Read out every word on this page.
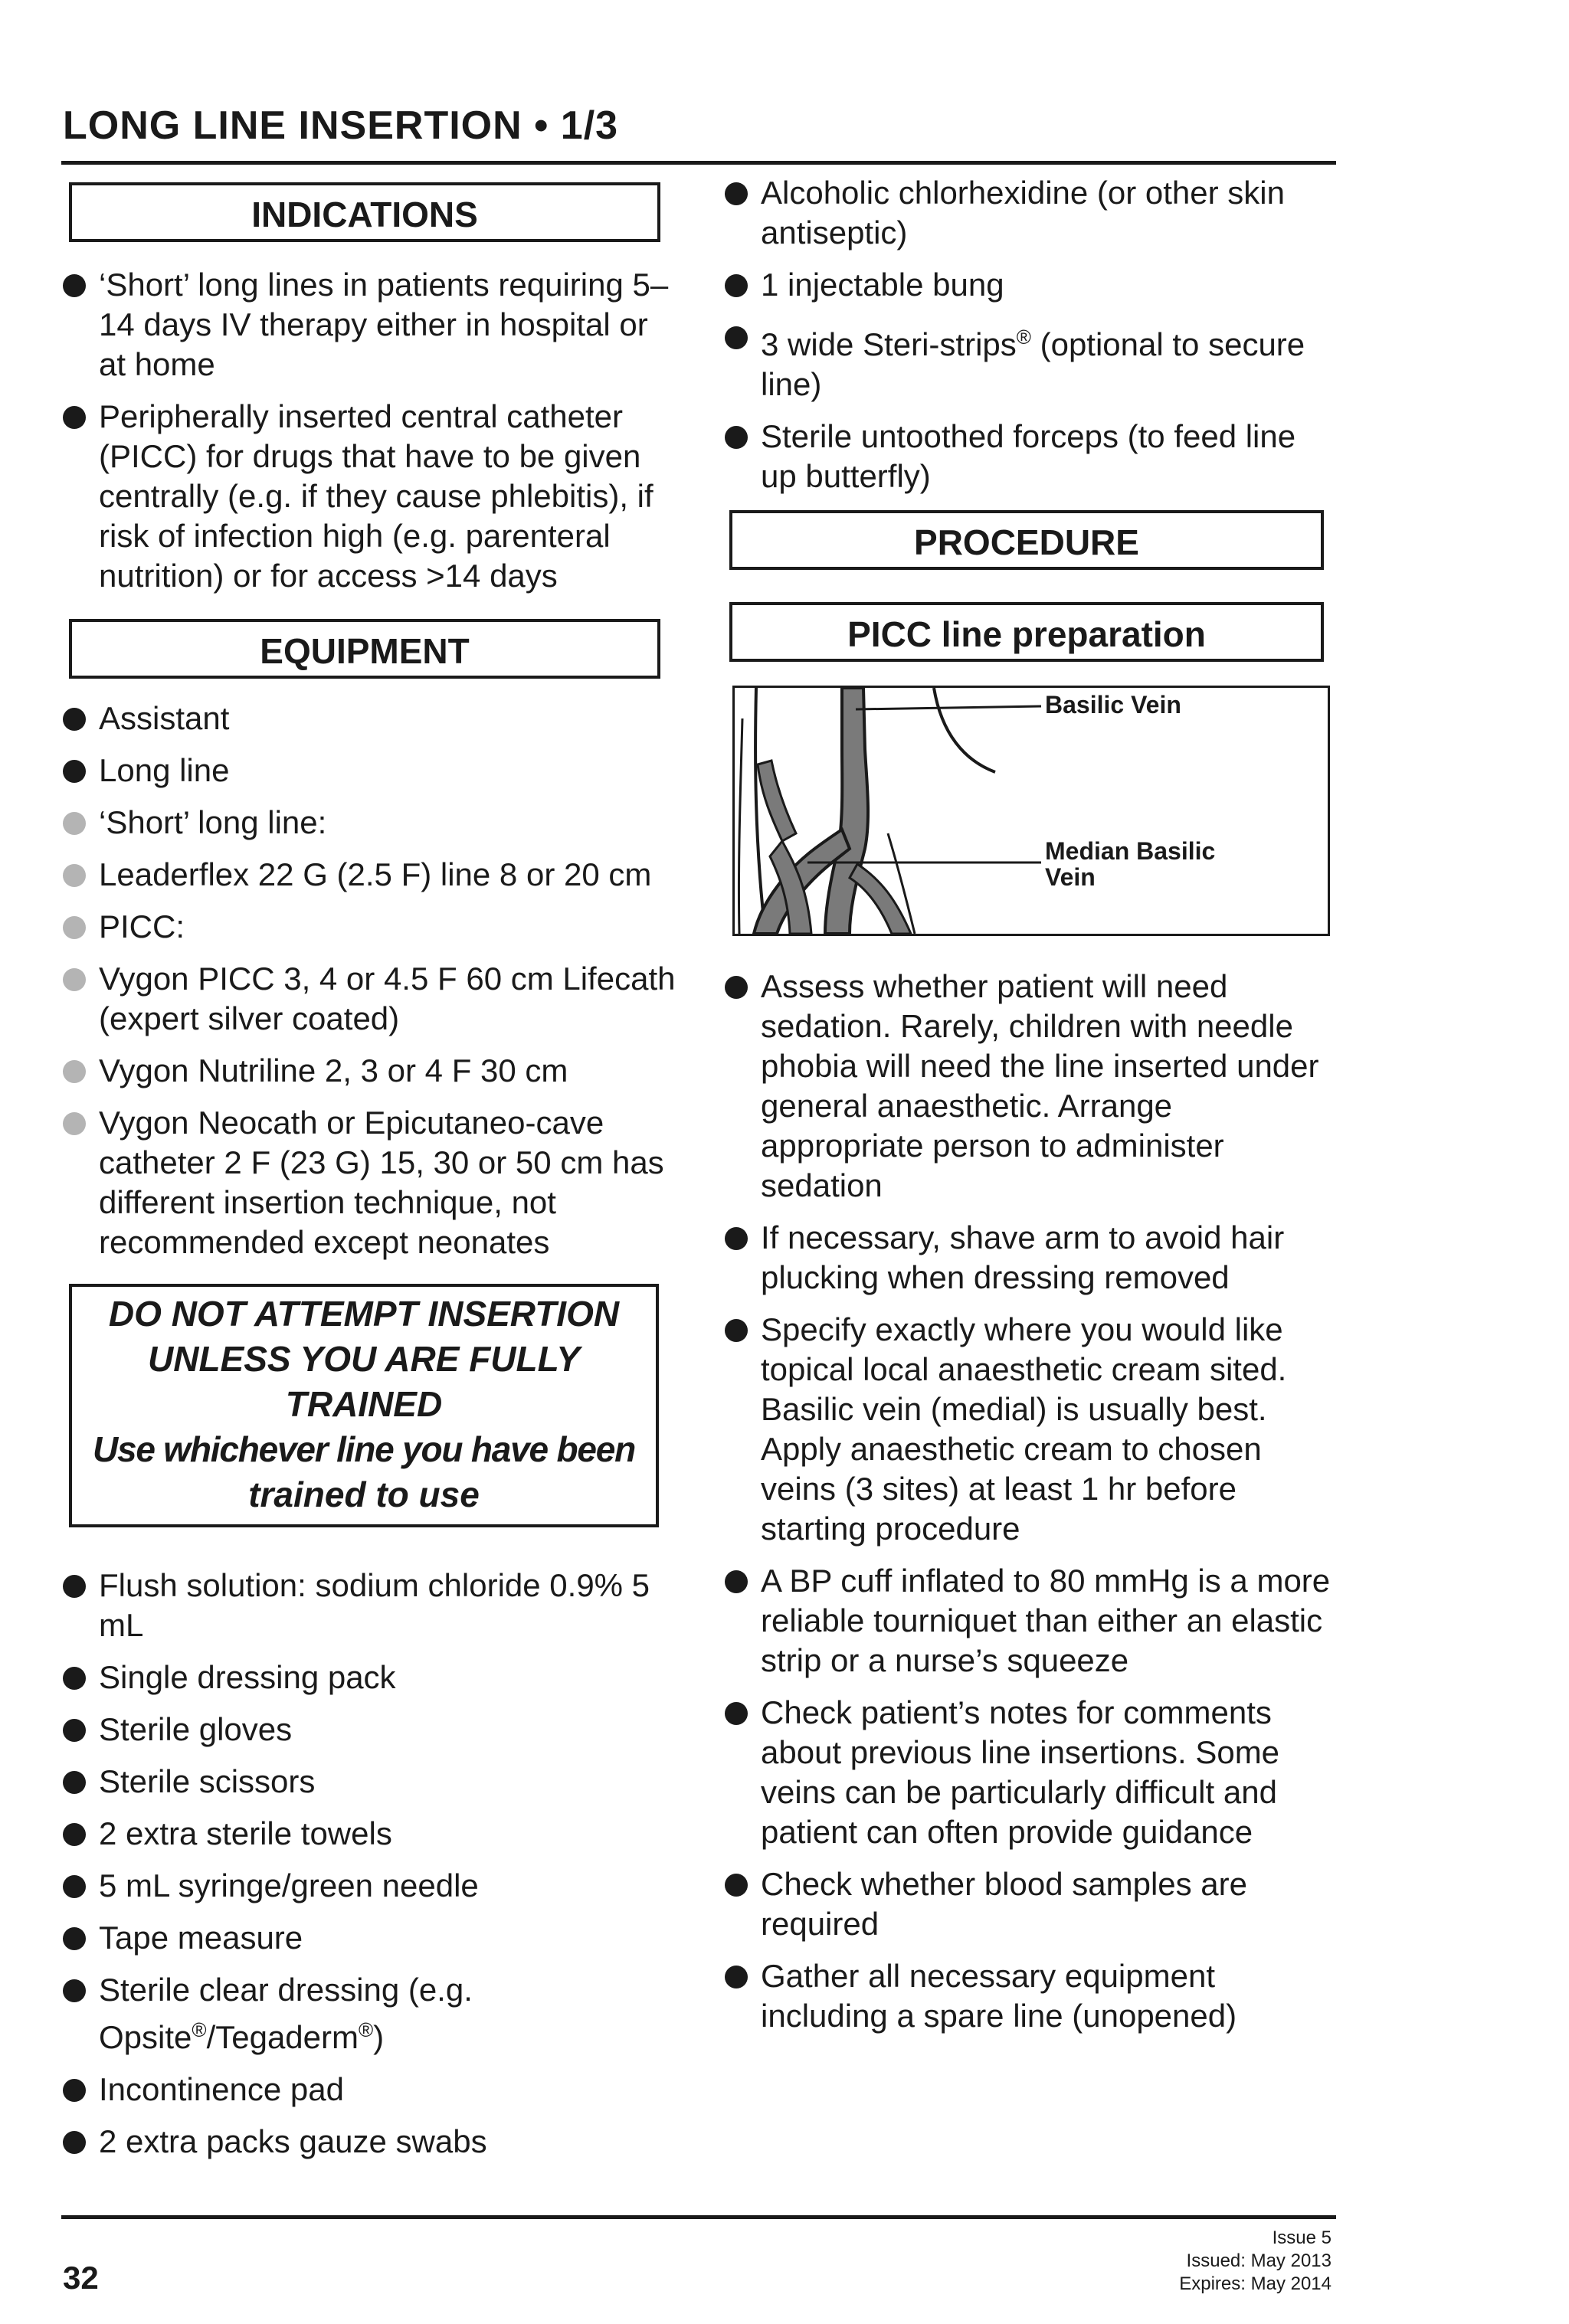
LONG LINE INSERTION • 1/3
INDICATIONS
‘Short’ long lines in patients requiring 5–14 days IV therapy either in hospital or at home
Peripherally inserted central catheter (PICC) for drugs that have to be given centrally (e.g. if they cause phlebitis), if risk of infection high (e.g. parenteral nutrition) or for access >14 days
EQUIPMENT
Assistant
Long line
‘Short’ long line:
Leaderflex 22 G (2.5 F) line 8 or 20 cm
PICC:
Vygon PICC 3, 4 or 4.5 F 60 cm Lifecath (expert silver coated)
Vygon Nutriline 2, 3 or 4 F 30 cm
Vygon Neocath or Epicutaneo-cave catheter 2 F (23 G) 15, 30 or 50 cm has different insertion technique, not recommended except neonates
DO NOT ATTEMPT INSERTION
UNLESS YOU ARE FULLY
TRAINED
Use whichever line you have been
trained to use
Flush solution: sodium chloride 0.9% 5 mL
Single dressing pack
Sterile gloves
Sterile scissors
2 extra sterile towels
5 mL syringe/green needle
Tape measure
Sterile clear dressing (e.g. Opsite®/Tegaderm®)
Incontinence pad
2 extra packs gauze swabs
Alcoholic chlorhexidine (or other skin antiseptic)
1 injectable bung
3 wide Steri-strips® (optional to secure line)
Sterile untoothed forceps (to feed line up butterfly)
PROCEDURE
PICC line preparation
Basilic Vein
Median Basilic
Vein
Assess whether patient will need sedation. Rarely, children with needle phobia will need the line inserted under general anaesthetic. Arrange appropriate person to administer sedation
If necessary, shave arm to avoid hair plucking when dressing removed
Specify exactly where you would like topical local anaesthetic cream sited. Basilic vein (medial) is usually best. Apply anaesthetic cream to chosen veins (3 sites) at least 1 hr before starting procedure
A BP cuff inflated to 80 mmHg is a more reliable tourniquet than either an elastic strip or a nurse’s squeeze
Check patient’s notes for comments about previous line insertions. Some veins can be particularly difficult and patient can often provide guidance
Check whether blood samples are required
Gather all necessary equipment including a spare line (unopened)
32
Issue 5
Issued: May 2013
Expires: May 2014
